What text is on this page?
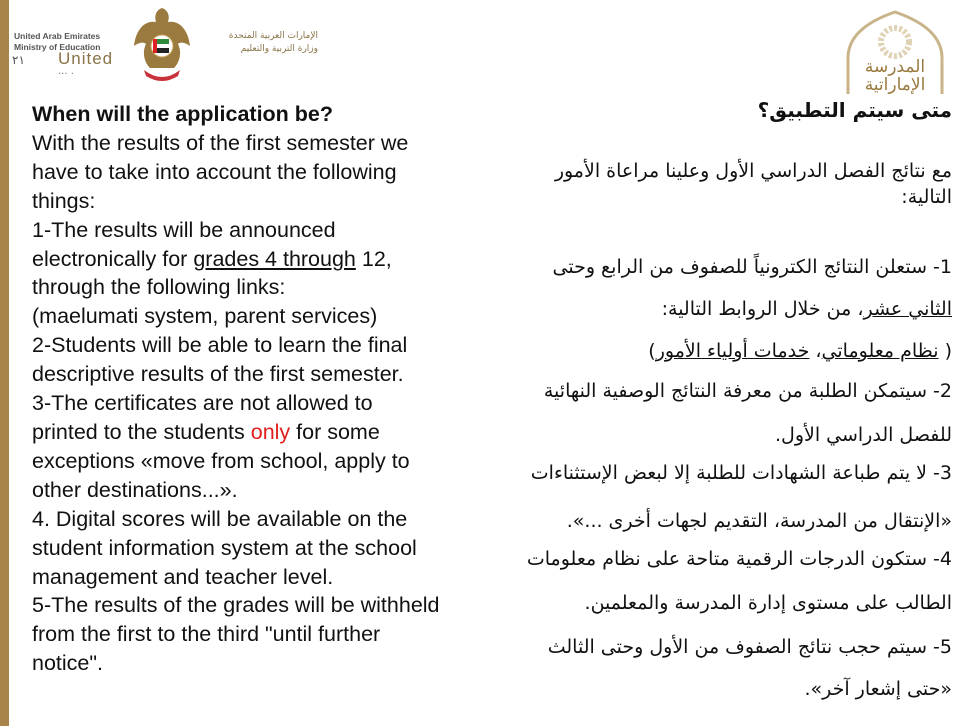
United Arab Emirates
Ministry of Education
٢١ United
... .
الإمارات العربية المتحدة
وزارة التربية والتعليم
المدرسة
الإماراتية
When will the application be?
With the results of the first semester we
have to take into account the following
things:
1-The results will be announced
electronically for grades 4 through 12,
through the following links:
(maelumati system, parent services)
2-Students will be able to learn the final
descriptive results of the first semester.
3-The certificates are not allowed to
printed to the students only for some
exceptions «move from school, apply to
other destinations...».
4. Digital scores will be available on the
student information system at the school
management and teacher level.
5-The results of the grades will be withheld
from the first to the third "until further
notice".
متى سيتم التطبيق؟
مع نتائج الفصل الدراسي الأول وعلينا مراعاة الأمور
التالية:
1- ستعلن النتائج الكترونياً للصفوف من الرابع وحتى
الثاني عشر، من خلال الروابط التالية:
( نظام معلوماتي، خدمات أولياء الأمور)
2- سيتمكن الطلبة من معرفة النتائج الوصفية النهائية
للفصل الدراسي الأول.
3- لا يتم طباعة الشهادات للطلبة إلا لبعض الإستثناءات
«الإنتقال من المدرسة، التقديم لجهات أخرى ...».
4- ستكون الدرجات الرقمية متاحة على نظام معلومات
الطالب على مستوى إدارة المدرسة والمعلمين.
5- سيتم حجب نتائج الصفوف من الأول وحتى الثالث
«حتى إشعار آخر».
